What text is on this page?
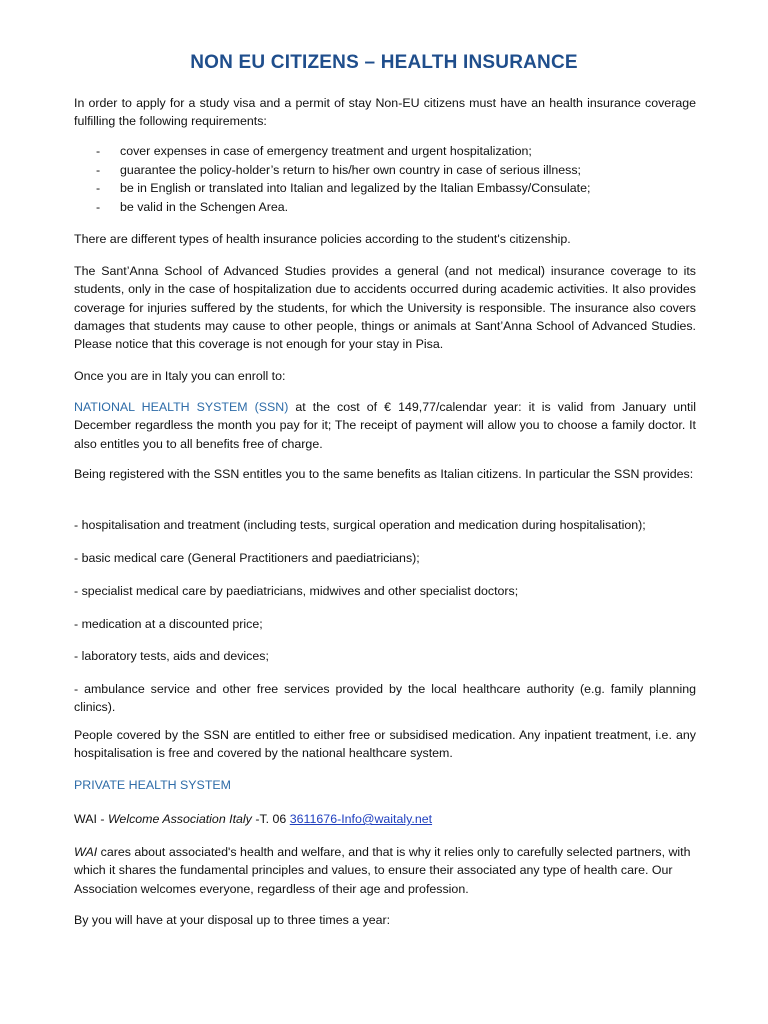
NON EU CITIZENS – HEALTH INSURANCE

In order to apply for a study visa and a permit of stay Non-EU citizens must have an health insurance coverage fulfilling the following requirements:

- cover expenses in case of emergency treatment and urgent hospitalization;
- guarantee the policy-holder’s return to his/her own country in case of serious illness;
- be in English or translated into Italian and legalized by the Italian Embassy/Consulate;
- be valid in the Schengen Area.

There are different types of health insurance policies according to the student's citizenship.

The Sant’Anna School of Advanced Studies provides a general (and not medical) insurance coverage to its students, only in the case of hospitalization due to accidents occurred during academic activities. It also provides coverage for injuries suffered by the students, for which the University is responsible. The insurance also covers damages that students may cause to other people, things or animals at Sant’Anna School of Advanced Studies. Please notice that this coverage is not enough for your stay in Pisa.

Once you are in Italy you can enroll to:

NATIONAL HEALTH SYSTEM (SSN) at the cost of € 149,77/calendar year: it is valid from January until December regardless the month you pay for it; The receipt of payment will allow you to choose a family doctor. It also entitles you to all benefits free of charge.

Being registered with the SSN entitles you to the same benefits as Italian citizens. In particular the SSN provides:

- hospitalisation and treatment (including tests, surgical operation and medication during hospitalisation);

- basic medical care (General Practitioners and paediatricians);

- specialist medical care by paediatricians, midwives and other specialist doctors;

- medication at a discounted price;

- laboratory tests, aids and devices;

- ambulance service and other free services provided by the local healthcare authority (e.g. family planning clinics).

People covered by the SSN are entitled to either free or subsidised medication. Any inpatient treatment, i.e. any hospitalisation is free and covered by the national healthcare system.

PRIVATE HEALTH SYSTEM

WAI - Welcome Association Italy -T. 06 3611676-Info@waitaly.net

WAI cares about associated's health and welfare, and that is why it relies only to carefully selected partners, with which it shares the fundamental principles and values, to ensure their associated any type of health care. Our Association welcomes everyone, regardless of their age and profession.

By you will have at your disposal up to three times a year:
